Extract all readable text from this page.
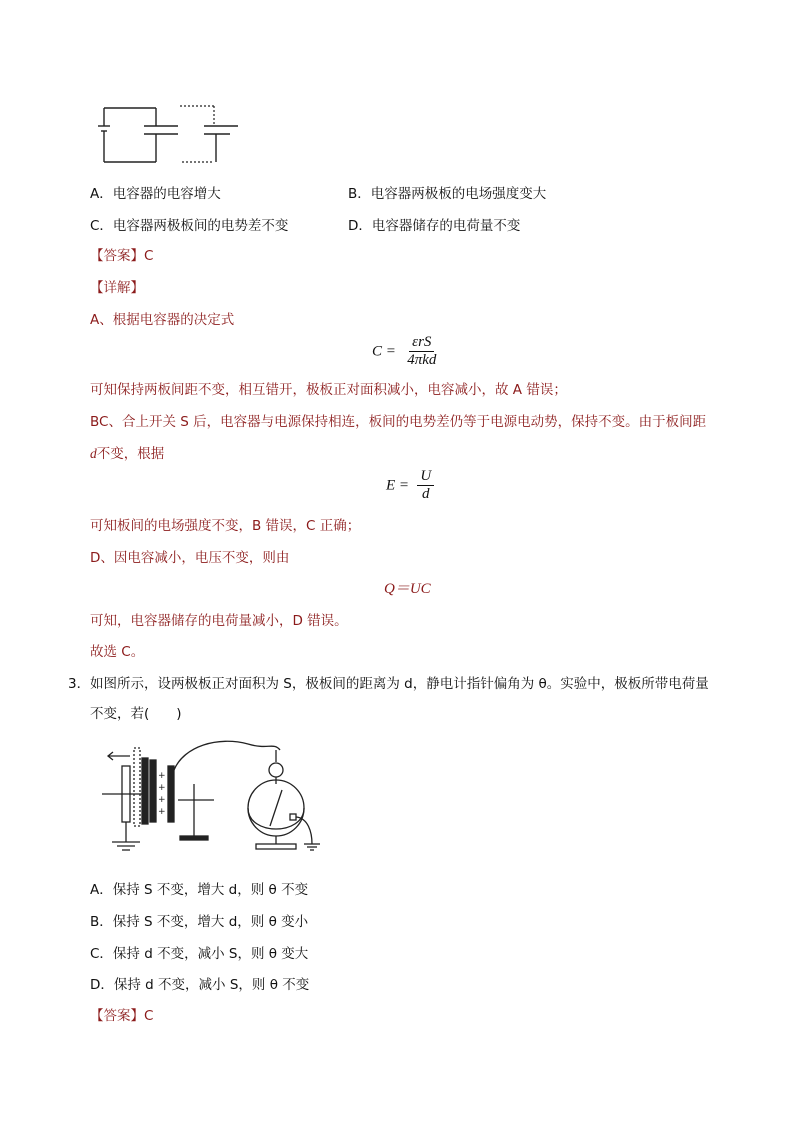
A．电容器的电容增大	B．电容器两极板的电场强度变大
C．电容器两极板间的电势差不变	D．电容器储存的电荷量不变
【答案】C
【详解】
A、根据电容器的决定式
$C = \frac{\text{εrS}}{\text{4πkd}}$
可知保持两板间距不变，相互错开，极板正对面积减小，电容减小，故 A 错误；
BC、合上开关 S 后，电容器与电源保持相连，板间的电势差仍等于电源电动势，保持不变。由于板间距
d不变，根据
$E = \frac{U}{d}$
可知板间的电场强度不变，B 错误，C 正确；
D、因电容减小，电压不变，则由
Q＝UC
可知，电容器储存的电荷量减小，D 错误。
故选 C。
3． 如图所示，设两极板正对面积为 S，极板间的距离为 d，静电计指针偏角为 θ。实验中，极板所带电荷量
不变，若(　　)
+
+
+
+
A．保持 S 不变，增大 d，则 θ 不变
B．保持 S 不变，增大 d，则 θ 变小
C．保持 d 不变，减小 S，则 θ 变大
D．保持 d 不变，减小 S，则 θ 不变
【答案】C
